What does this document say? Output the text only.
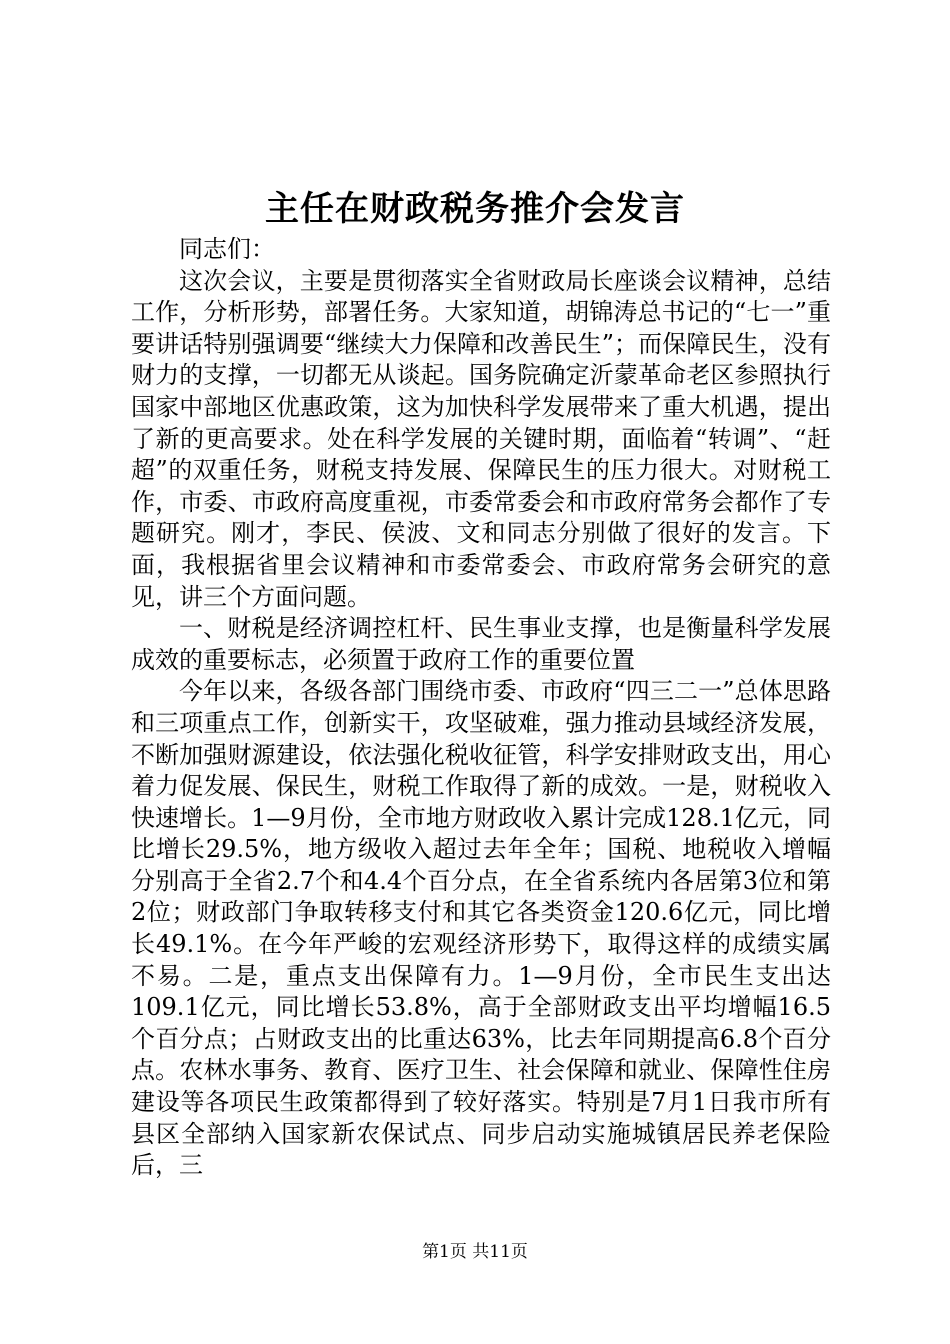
主任在财政税务推介会发言

同志们：

这次会议，主要是贯彻落实全省财政局长座谈会议精神，总结工作，分析形势，部署任务。大家知道，胡锦涛总书记的“七一”重要讲话特别强调要“继续大力保障和改善民生”；而保障民生，没有财力的支撑，一切都无从谈起。国务院确定沂蒙革命老区参照执行国家中部地区优惠政策，这为加快科学发展带来了重大机遇，提出了新的更高要求。处在科学发展的关键时期，面临着“转调”、“赶超”的双重任务，财税支持发展、保障民生的压力很大。对财税工作，市委、市政府高度重视，市委常委会和市政府常务会都作了专题研究。刚才，李民、侯波、文和同志分别做了很好的发言。下面，我根据省里会议精神和市委常委会、市政府常务会研究的意见，讲三个方面问题。

一、财税是经济调控杠杆、民生事业支撑，也是衡量科学发展成效的重要标志，必须置于政府工作的重要位置

今年以来，各级各部门围绕市委、市政府“四三二一”总体思路和三项重点工作，创新实干，攻坚破难，强力推动县域经济发展，不断加强财源建设，依法强化税收征管，科学安排财政支出，用心着力促发展、保民生，财税工作取得了新的成效。一是，财税收入快速增长。1—9月份，全市地方财政收入累计完成128.1亿元，同比增长29.5%，地方级收入超过去年全年；国税、地税收入增幅分别高于全省2.7个和4.4个百分点，在全省系统内各居第3位和第2位；财政部门争取转移支付和其它各类资金120.6亿元，同比增长49.1%。在今年严峻的宏观经济形势下，取得这样的成绩实属不易。二是，重点支出保障有力。1—9月份，全市民生支出达109.1亿元，同比增长53.8%，高于全部财政支出平均增幅16.5个百分点；占财政支出的比重达63%，比去年同期提高6.8个百分点。农林水事务、教育、医疗卫生、社会保障和就业、保障性住房建设等各项民生政策都得到了较好落实。特别是7月1日我市所有县区全部纳入国家新农保试点、同步启动实施城镇居民养老保险后，三

第1页 共11页
